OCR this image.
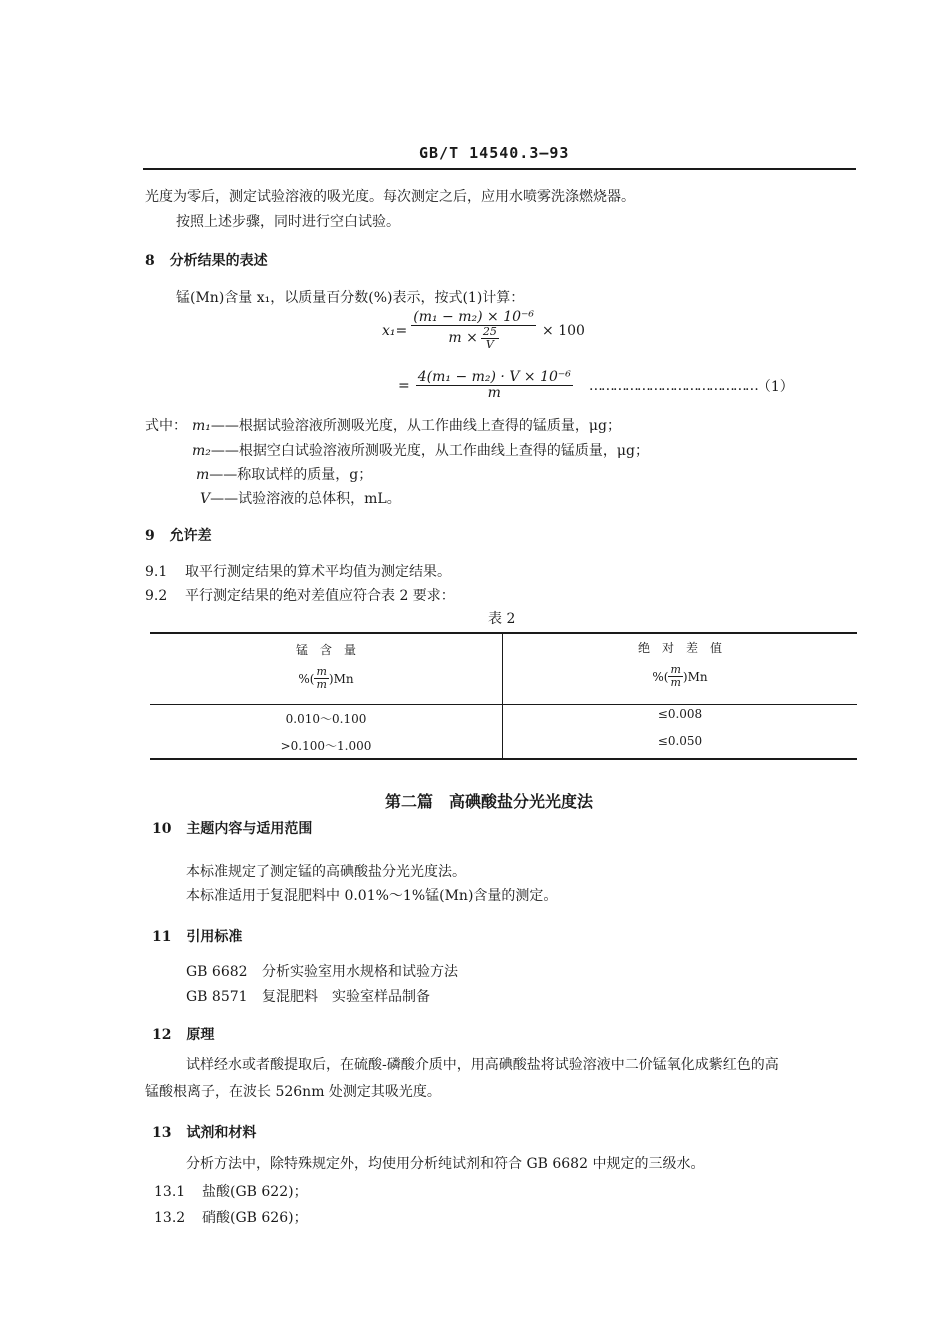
GB/T 14540.3—93
光度为零后，测定试验溶液的吸光度。每次测定之后，应用水喷雾洗涤燃烧器。
按照上述步骤，同时进行空白试验。
8 分析结果的表述
锰(Mn)含量 x₁，以质量百分数(%)表示，按式(1)计算：
$x_1= \frac{\text{(m₁ − m₂) × 10⁻⁶}}{m \times \frac{25}{V}} \times 100$
= $\frac{\text{4(m₁ − m₂) · V × 10⁻⁶}}{m}$ …………………………………… （1）
式中： m₁——根据试验溶液所测吸光度，从工作曲线上查得的锰质量，μg；
m₂——根据空白试验溶液所测吸光度，从工作曲线上查得的锰质量，μg；
m——称取试样的质量，g；
V——试验溶液的总体积，mL。
9 允许差
9.1 取平行测定结果的算术平均值为测定结果。
9.2 平行测定结果的绝对差值应符合表 2 要求：
表 2
锰　含　量	绝　对　差　值
%( $\frac{m}{m} )Mn$	%( $\frac{m}{m} )Mn$
0.010～0.100	≤0.008
>0.100～1.000	≤0.050
第二篇　高碘酸盐分光光度法
10 主题内容与适用范围
本标准规定了测定锰的高碘酸盐分光光度法。
本标准适用于复混肥料中 0.01%～1%锰(Mn)含量的测定。
11 引用标准
GB 6682 分析实验室用水规格和试验方法
GB 8571 复混肥料　实验室样品制备
12 原理
试样经水或者酸提取后，在硫酸-磷酸介质中，用高碘酸盐将试验溶液中二价锰氧化成紫红色的高
锰酸根离子，在波长 526nm 处测定其吸光度。
13 试剂和材料
分析方法中，除特殊规定外，均使用分析纯试剂和符合 GB 6682 中规定的三级水。
13.1 盐酸(GB 622)；
13.2 硝酸(GB 626)；
